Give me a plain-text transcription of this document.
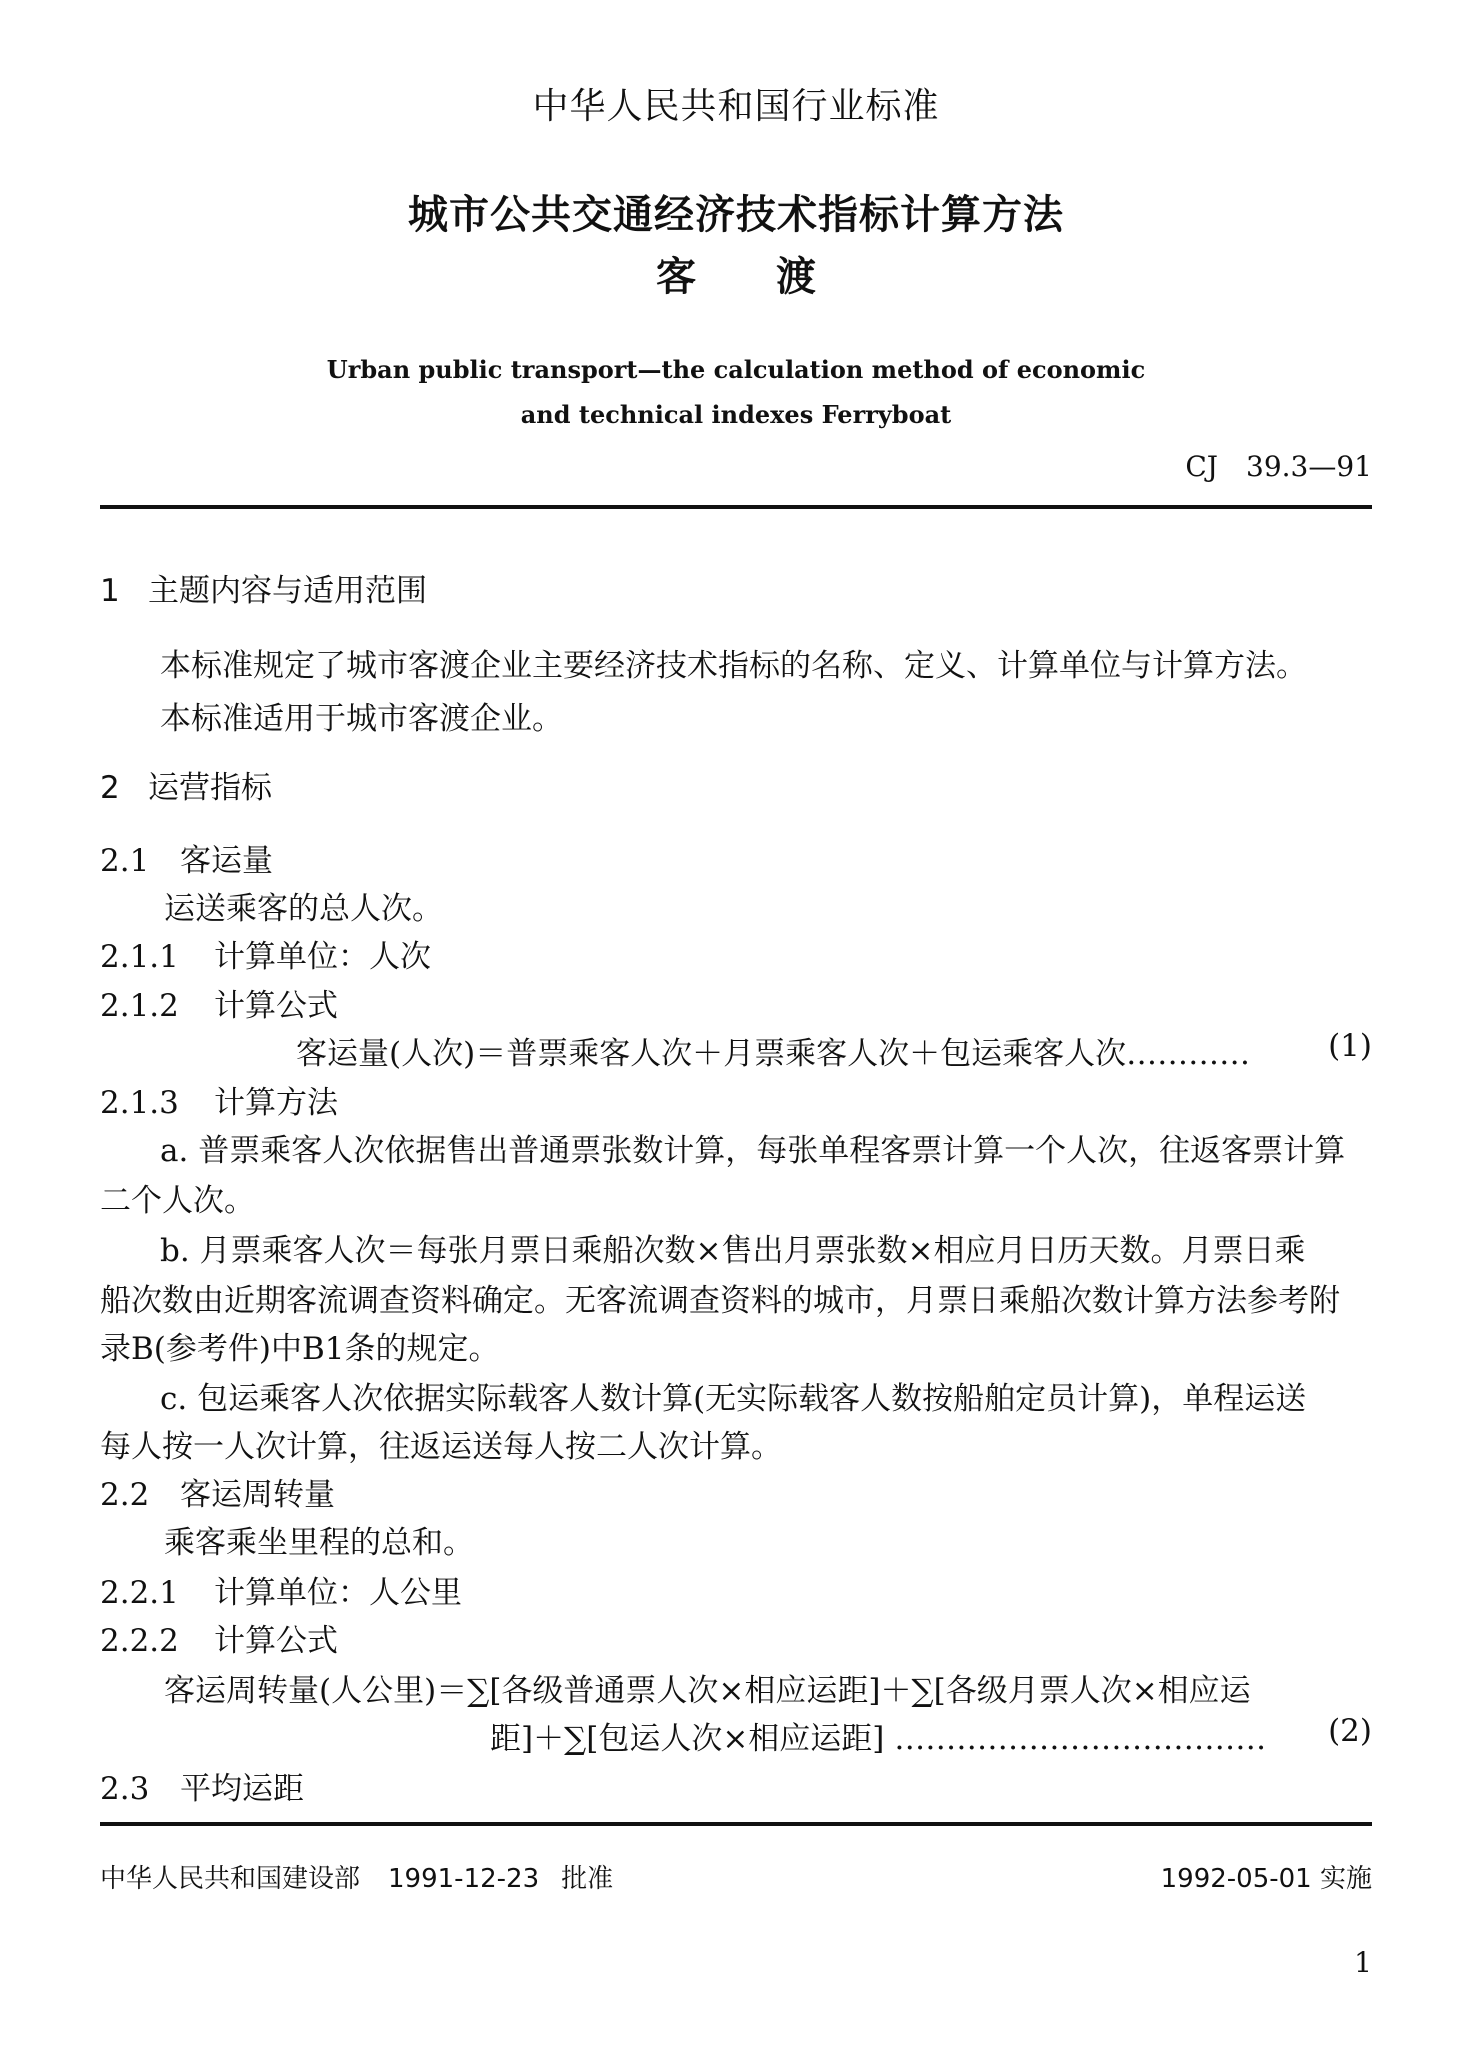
中华人民共和国行业标准
城市公共交通经济技术指标计算方法
客　　渡
Urban public transport—the calculation method of economic
and technical indexes Ferryboat
CJ　39.3—91
1 主题内容与适用范围
本标准规定了城市客渡企业主要经济技术指标的名称、定义、计算单位与计算方法。
本标准适用于城市客渡企业。
2 运营指标
2.1 客运量
运送乘客的总人次。
2.1.1 计算单位：人次
2.1.2 计算公式
客运量(人次)＝普票乘客人次＋月票乘客人次＋包运乘客人次…………	(1)
2.1.3 计算方法
a. 普票乘客人次依据售出普通票张数计算，每张单程客票计算一个人次，往返客票计算
二个人次。
b. 月票乘客人次＝每张月票日乘船次数×售出月票张数×相应月日历天数。月票日乘
船次数由近期客流调查资料确定。无客流调查资料的城市，月票日乘船次数计算方法参考附
录B(参考件)中B1条的规定。
c. 包运乘客人次依据实际载客人数计算(无实际载客人数按船舶定员计算)，单程运送
每人按一人次计算，往返运送每人按二人次计算。
2.2 客运周转量
乘客乘坐里程的总和。
2.2.1 计算单位：人公里
2.2.2 计算公式
客运周转量(人公里)＝∑[各级普通票人次×相应运距]＋∑[各级月票人次×相应运
距]＋∑[包运人次×相应运距] ……………………………… (2)
2.3 平均运距
中华人民共和国建设部 1991-12-23 批准	1992-05-01 实施
1
